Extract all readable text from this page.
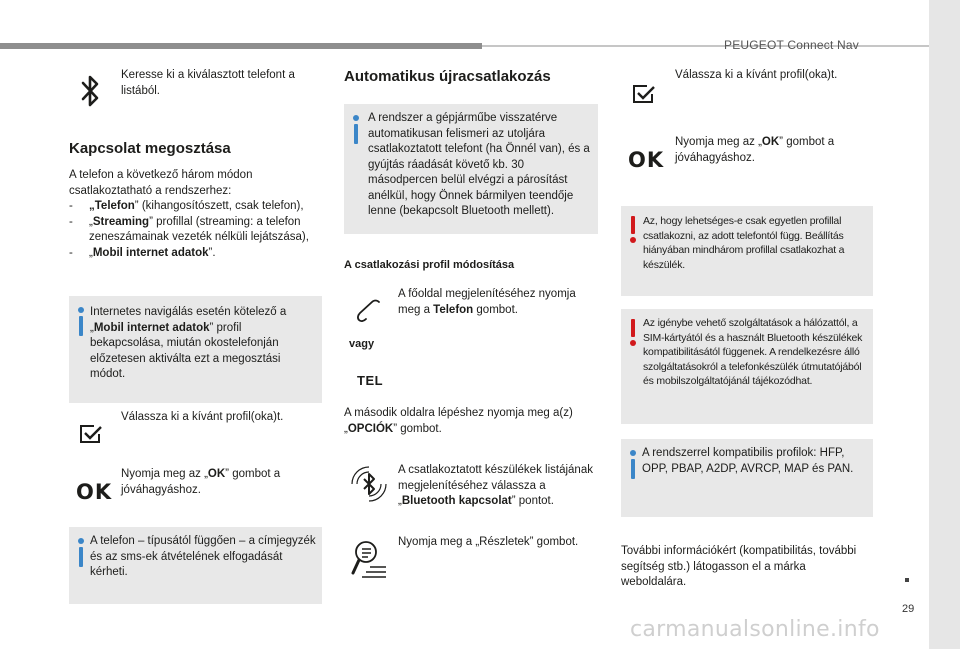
PEUGEOT Connect Nav
29
carmanualsonline.info
Keresse ki a kiválasztott telefont a listából.
Kapcsolat megosztása
A telefon a következő három módon csatlakoztatható a rendszerhez:
- „Telefon” (kihangosítószett, csak telefon),
- „Streaming” profillal (streaming: a telefon zeneszámainak vezeték nélküli lejátszása),
- „Mobil internet adatok”.
Internetes navigálás esetén kötelező a „Mobil internet adatok” profil bekapcsolása, miután okostelefonján előzetesen aktiválta ezt a megosztási módot.
Válassza ki a kívánt profil(oka)t.
OK
Nyomja meg az „OK” gombot a jóváhagyáshoz.
A telefon – típusától függően – a címjegyzék és az sms-ek átvételének elfogadását kérheti.
Automatikus újracsatlakozás
A rendszer a gépjárműbe visszatérve automatikusan felismeri az utoljára csatlakoztatott telefont (ha Önnél van), és a gyújtás ráadását követő kb. 30 másodpercen belül elvégzi a párosítást anélkül, hogy Önnek bármilyen teendője lenne (bekapcsolt Bluetooth mellett).
A csatlakozási profil módosítása
A főoldal megjelenítéséhez nyomja meg a Telefon gombot.
vagy
TEL
A második oldalra lépéshez nyomja meg a(z) „OPCIÓK” gombot.
A csatlakoztatott készülékek listájának megjelenítéséhez válassza a „Bluetooth kapcsolat” pontot.
Nyomja meg a „Részletek” gombot.
Válassza ki a kívánt profil(oka)t.
OK
Nyomja meg az „OK” gombot a jóváhagyáshoz.
Az, hogy lehetséges-e csak egyetlen profillal csatlakozni, az adott telefontól függ. Beállítás hiányában mindhárom profillal csatlakozhat a készülék.
Az igénybe vehető szolgáltatások a hálózattól, a SIM-kártyától és a használt Bluetooth készülékek kompatibilitásától függenek. A rendelkezésre álló szolgáltatásokról a telefonkészülék útmutatójából és mobilszolgáltatójánál tájékozódhat.
A rendszerrel kompatibilis profilok: HFP, OPP, PBAP, A2DP, AVRCP, MAP és PAN.
További információkért (kompatibilitás, további segítség stb.) látogasson el a márka weboldalára.
